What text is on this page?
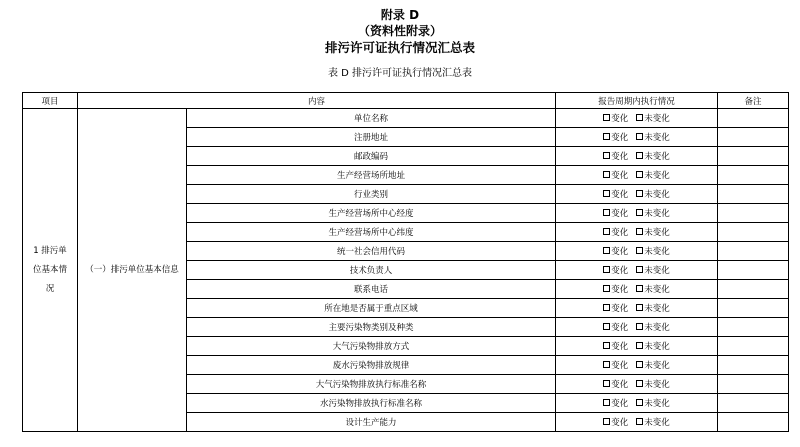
附录 D
（资料性附录）
排污许可证执行情况汇总表
表 D 排污许可证执行情况汇总表
项目	内容		报告周期内执行情况	备注
1 排污单位基本情况	（一）排污单位基本信息	单位名称	变化 未变化	
		注册地址	变化 未变化	
		邮政编码	变化 未变化	
		生产经营场所地址	变化 未变化	
		行业类别	变化 未变化	
		生产经营场所中心经度	变化 未变化	
		生产经营场所中心纬度	变化 未变化	
		统一社会信用代码	变化 未变化	
		技术负责人	变化 未变化	
		联系电话	变化 未变化	
		所在地是否属于重点区域	变化 未变化	
		主要污染物类别及种类	变化 未变化	
		大气污染物排放方式	变化 未变化	
		废水污染物排放规律	变化 未变化	
		大气污染物排放执行标准名称	变化 未变化	
		水污染物排放执行标准名称	变化 未变化	
		设计生产能力	变化 未变化	
